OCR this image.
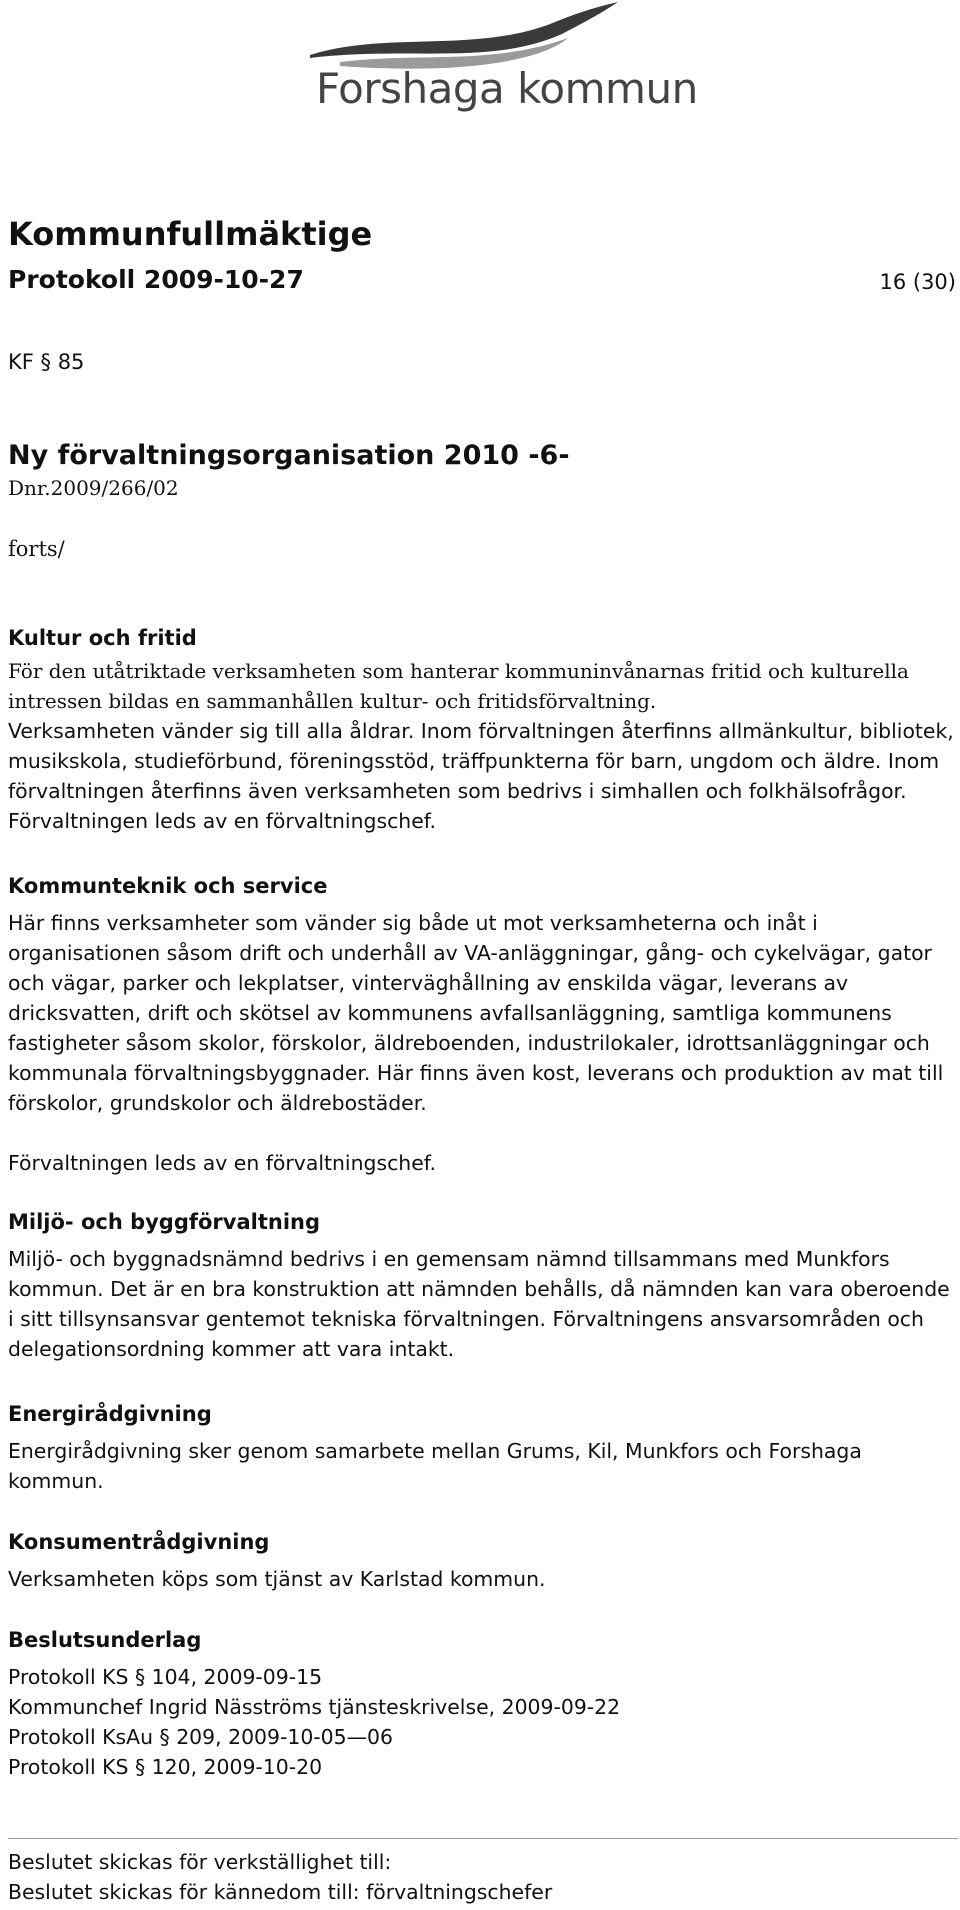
Forshaga kommun
Kommunfullmäktige
Protokoll 2009-10-27	16 (30)
KF § 85
Ny förvaltningsorganisation 2010 -6-
Dnr.2009/266/02
forts/
Kultur och fritid
För den utåtriktade verksamheten som hanterar kommuninvånarnas fritid och kulturella intressen bildas en sammanhållen kultur- och fritidsförvaltning.
Verksamheten vänder sig till alla åldrar. Inom förvaltningen återfinns allmänkultur, bibliotek, musikskola, studieförbund, föreningsstöd, träffpunkterna för barn, ungdom och äldre. Inom förvaltningen återfinns även verksamheten som bedrivs i simhallen och folkhälsofrågor. Förvaltningen leds av en förvaltningschef.
Kommunteknik och service
Här finns verksamheter som vänder sig både ut mot verksamheterna och inåt i organisationen såsom drift och underhåll av VA-anläggningar, gång- och cykelvägar, gator och vägar, parker och lekplatser, vinterväghållning av enskilda vägar, leverans av dricksvatten, drift och skötsel av kommunens avfallsanläggning, samtliga kommunens fastigheter såsom skolor, förskolor, äldreboenden, industrilokaler, idrottsanläggningar och kommunala förvaltningsbyggnader. Här finns även kost, leverans och produktion av mat till förskolor, grundskolor och äldrebostäder.
Förvaltningen leds av en förvaltningschef.
Miljö- och byggförvaltning
Miljö- och byggnadsnämnd bedrivs i en gemensam nämnd tillsammans med Munkfors kommun. Det är en bra konstruktion att nämnden behålls, då nämnden kan vara oberoende i sitt tillsynsansvar gentemot tekniska förvaltningen. Förvaltningens ansvarsområden och delegationsordning kommer att vara intakt.
Energirådgivning
Energirådgivning sker genom samarbete mellan Grums, Kil, Munkfors och Forshaga kommun.
Konsumentrådgivning
Verksamheten köps som tjänst av Karlstad kommun.
Beslutsunderlag
Protokoll KS § 104, 2009-09-15
Kommunchef Ingrid Näsströms tjänsteskrivelse, 2009-09-22
Protokoll KsAu § 209, 2009-10-05—06
Protokoll KS § 120, 2009-10-20
Beslutet skickas för verkställighet till:
Beslutet skickas för kännedom till: förvaltningschefer
